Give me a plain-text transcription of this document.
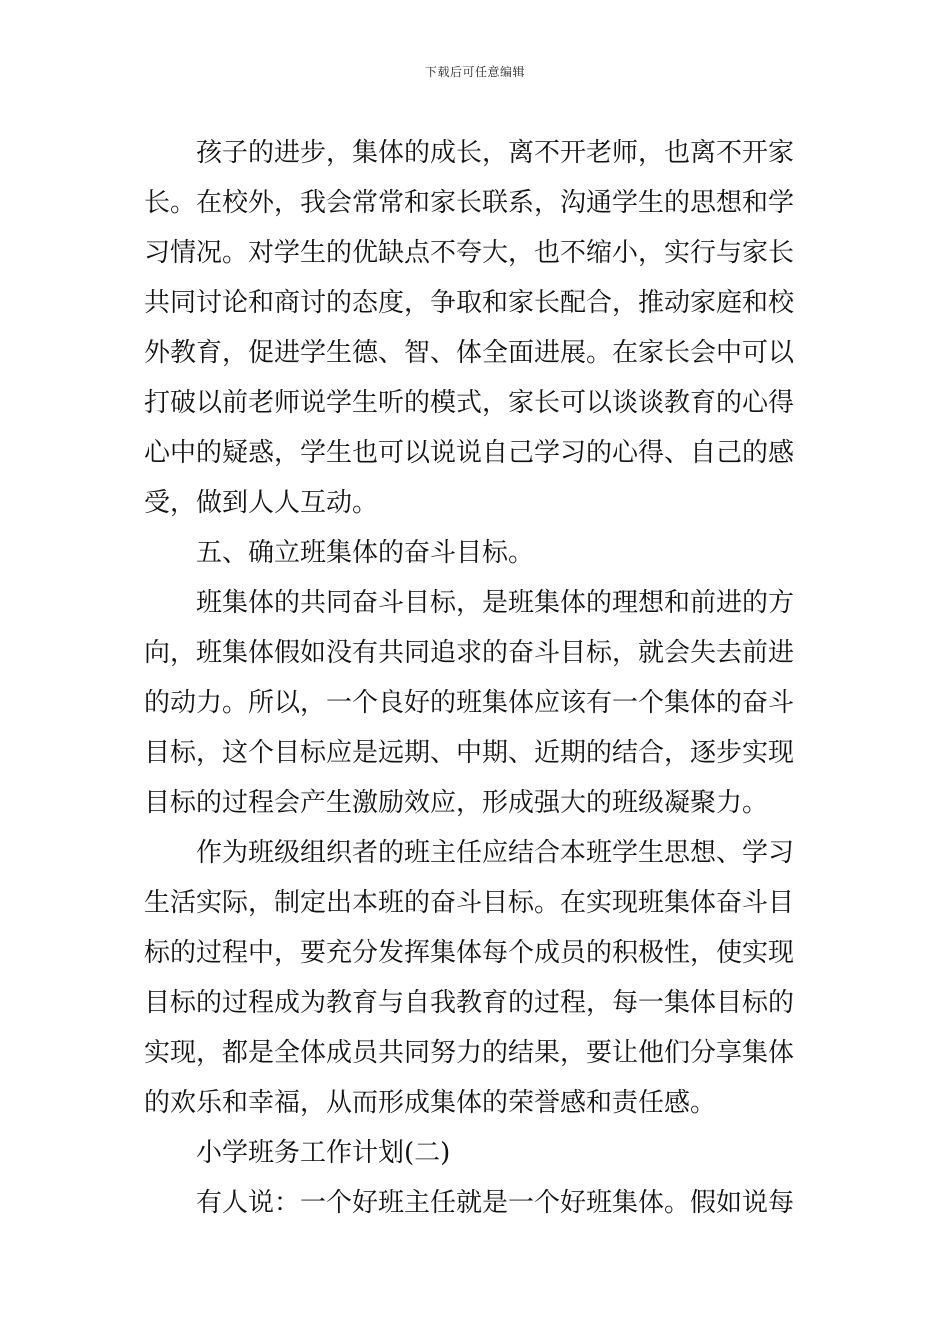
下载后可任意编辑
孩子的进步，集体的成长，离不开老师，也离不开家
长。在校外，我会常常和家长联系，沟通学生的思想和学
习情况。对学生的优缺点不夸大，也不缩小，实行与家长
共同讨论和商讨的态度，争取和家长配合，推动家庭和校
外教育，促进学生德、智、体全面进展。在家长会中可以
打破以前老师说学生听的模式，家长可以谈谈教育的心得
心中的疑惑，学生也可以说说自己学习的心得、自己的感
受，做到人人互动。
五、确立班集体的奋斗目标。
班集体的共同奋斗目标，是班集体的理想和前进的方
向，班集体假如没有共同追求的奋斗目标，就会失去前进
的动力。所以，一个良好的班集体应该有一个集体的奋斗
目标，这个目标应是远期、中期、近期的结合，逐步实现
目标的过程会产生激励效应，形成强大的班级凝聚力。
作为班级组织者的班主任应结合本班学生思想、学习
生活实际，制定出本班的奋斗目标。在实现班集体奋斗目
标的过程中，要充分发挥集体每个成员的积极性，使实现
目标的过程成为教育与自我教育的过程，每一集体目标的
实现，都是全体成员共同努力的结果，要让他们分享集体
的欢乐和幸福，从而形成集体的荣誉感和责任感。
小学班务工作计划(二)
有人说：一个好班主任就是一个好班集体。假如说每
